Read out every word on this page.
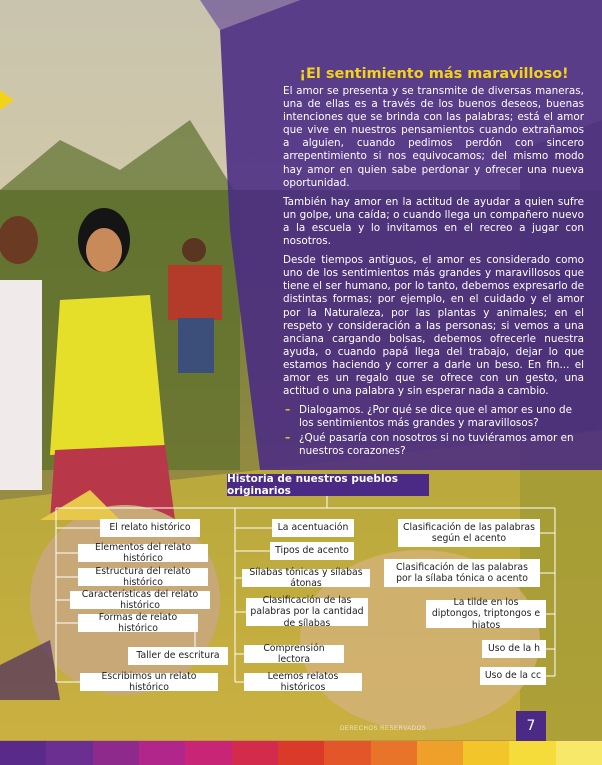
¡El sentimiento más maravilloso!

El amor se presenta y se transmite de diversas maneras, una de ellas es a través de los buenos deseos, buenas intenciones que se brinda con las palabras; está el amor que vive en nuestros pensamientos cuando extrañamos a alguien, cuando pedimos perdón con sincero arrepentimiento si nos equivocamos; del mismo modo hay amor en quien sabe perdonar y ofrecer una nueva oportunidad.

También hay amor en la actitud de ayudar a quien sufre un golpe, una caída; o cuando llega un compañero nuevo a la escuela y lo invitamos en el recreo a jugar con nosotros.

Desde tiempos antiguos, el amor es considerado como uno de los sentimientos más grandes y maravillosos que tiene el ser humano, por lo tanto, debemos expresarlo de distintas formas; por ejemplo, en el cuidado y el amor por la Naturaleza, por las plantas y animales; en el respeto y consideración a las personas; si vemos a una anciana cargando bolsas, debemos ofrecerle nuestra ayuda, o cuando papá llega del trabajo, dejar lo que estamos haciendo y correr a darle un beso. En fin... el amor es un regalo que se ofrece con un gesto, una actitud o una palabra y sin esperar nada a cambio.

– Dialogamos. ¿Por qué se dice que el amor es uno de los sentimientos más grandes y maravillosos?
– ¿Qué pasaría con nosotros si no tuviéramos amor en nuestros corazones?
Historia de nuestros pueblos originarios
El relato histórico
Elementos del relato histórico
Estructura del relato histórico
Características del relato histórico
Formas de relato histórico
Taller de escritura
Escribimos un relato histórico
La acentuación
Tipos de acento
Sílabas tónicas y sílabas átonas
Clasificación de las palabras por la cantidad de sílabas
Comprensión lectora
Leemos relatos históricos
Clasificación de las palabras según el acento
Clasificación de las palabras por la sílaba tónica o acento
La tilde en los diptongos, triptongos e hiatos
Uso de la h
Uso de la cc
DERECHOS RESERVADOS	7
